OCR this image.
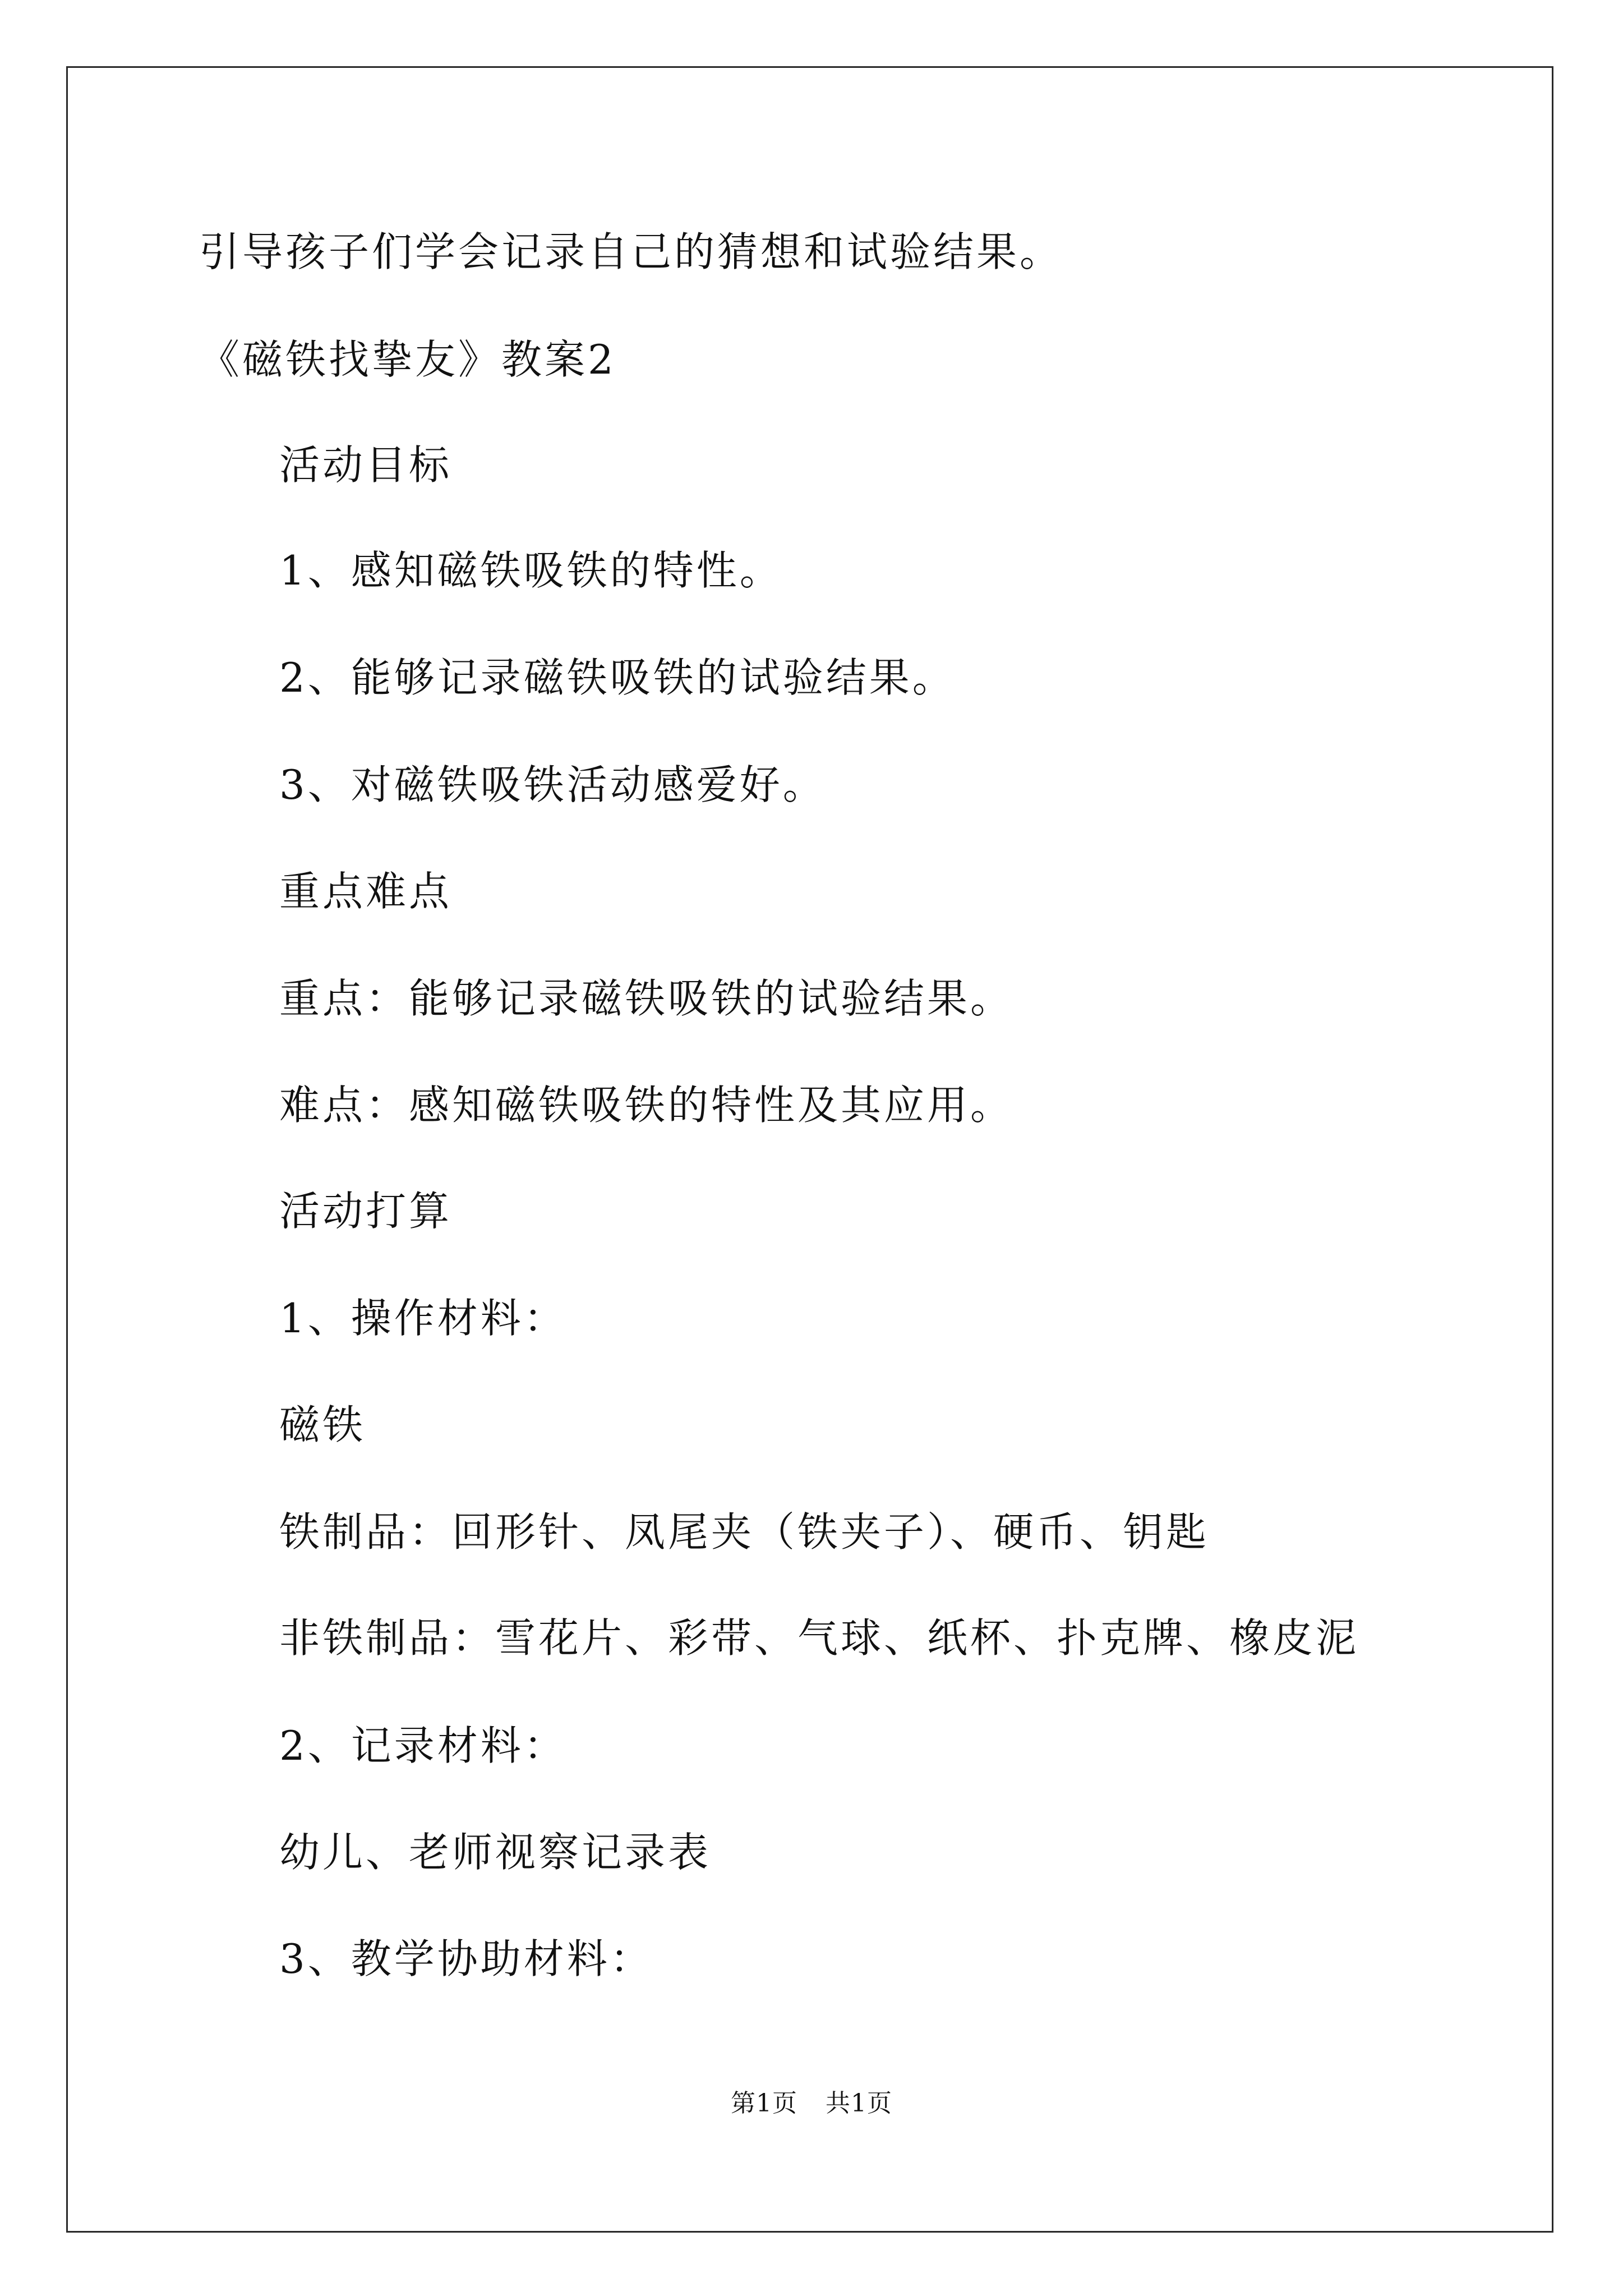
引导孩子们学会记录自己的猜想和试验结果。
《磁铁找挚友》教案2
活动目标
1、感知磁铁吸铁的特性。
2、能够记录磁铁吸铁的试验结果。
3、对磁铁吸铁活动感爱好。
重点难点
重点：能够记录磁铁吸铁的试验结果。
难点：感知磁铁吸铁的特性及其应用。
活动打算
1、操作材料：
磁铁
铁制品：回形针、凤尾夹（铁夹子）、硬币、钥匙
非铁制品：雪花片、彩带、气球、纸杯、扑克牌、橡皮泥
2、记录材料：
幼儿、老师视察记录表
3、教学协助材料：
第1页 共1页
